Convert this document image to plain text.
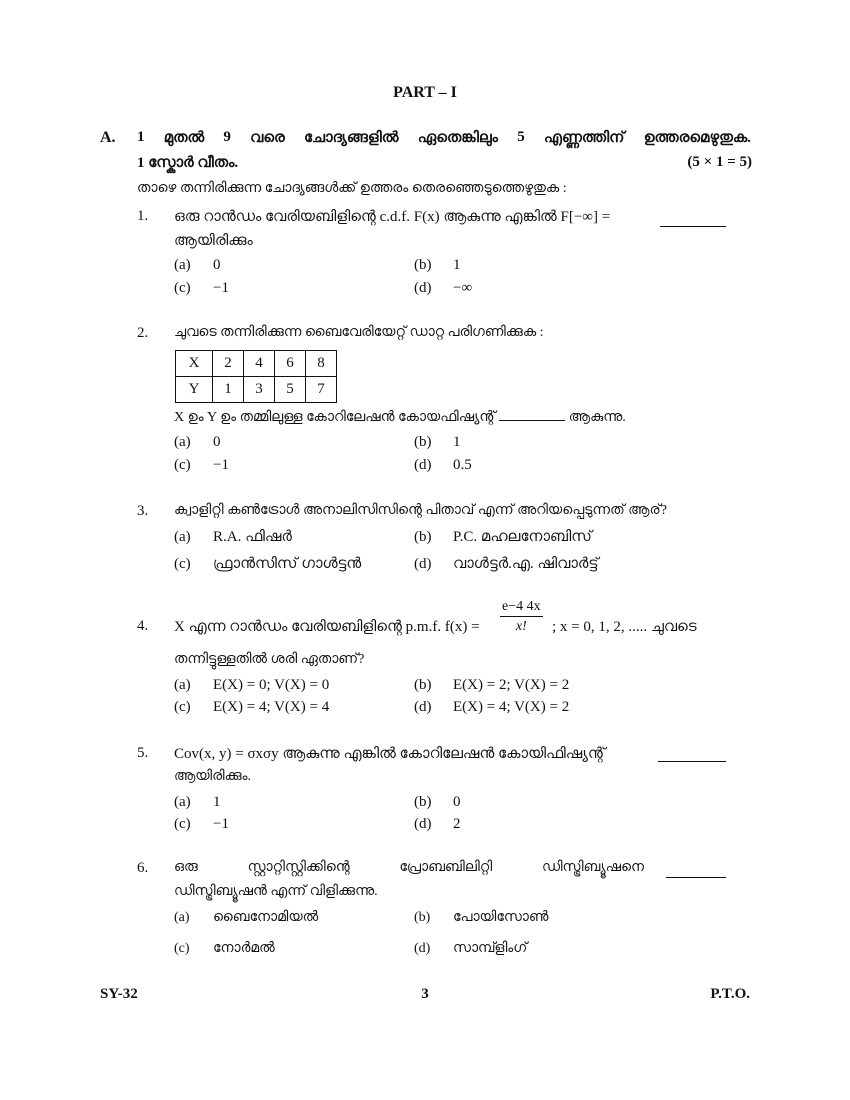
PART – I
A. 1 മുതൽ 9 വരെ ചോദ്യങ്ങളിൽ ഏതെങ്കിലും 5 എണ്ണത്തിന് ഉത്തരമെഴുതുക.
1 സ്കോർ വീതം.	(5 × 1 = 5)
താഴെ തന്നിരിക്കുന്ന ചോദ്യങ്ങൾക്ക് ഉത്തരം തെരഞ്ഞെടുത്തെഴുതുക :
1. ഒരു റാൻഡം വേരിയബിളിന്റെ c.d.f. F(x) ആകുന്നു എങ്കിൽ F[−∞] =
ആയിരിക്കും
(a) 0	(b) 1
(c) −1	(d) −∞
2. ചുവടെ തന്നിരിക്കുന്ന ബൈവേരിയേറ്റ് ഡാറ്റ പരിഗണിക്കുക :
X	2	4	6	8
Y	1	3	5	7
X ഉം Y ഉം തമ്മിലുള്ള കോറിലേഷൻ കോയഫിഷ്യന്റ്	ആകുന്നു.
(a) 0	(b) 1
(c) −1	(d) 0.5
3. ക്വാളിറ്റി കൺട്രോൾ അനാലിസിസിന്റെ പിതാവ് എന്ന് അറിയപ്പെടുന്നത് ആര്?
(a) R.A. ഫിഷർ	(b) P.C. മഹലനോബിസ്
(c) ഫ്രാൻസിസ് ഗാൾട്ടൻ	(d) വാൾട്ടർ.എ. ഷിവാർട്ട്
4. X എന്ന റാൻഡം വേരിയബിളിന്റെ p.m.f. $f(x) = \frac{e-4 4x}{x!}$ ; x = 0, 1, 2, ..... ചുവടെ
തന്നിട്ടുള്ളതിൽ ശരി ഏതാണ്?
(a) E(X) = 0; V(X) = 0	(b) E(X) = 2; V(X) = 2
(c) E(X) = 4; V(X) = 4	(d) E(X) = 4; V(X) = 2
5. Cov(x, y) = σxσy ആകുന്നു എങ്കിൽ കോറിലേഷൻ കോയിഫിഷ്യന്റ്
ആയിരിക്കും.
(a) 1	(b) 0
(c) −1	(d) 2
6. ഒരു	സ്റ്റാറ്റിസ്റ്റിക്കിന്റെ	പ്രോബബിലിറ്റി	ഡിസ്ട്രിബ്യൂഷനെ
ഡിസ്ട്രിബ്യൂഷൻ എന്ന് വിളിക്കുന്നു.
(a) ബൈനോമിയൽ	(b) പോയിസോൺ
(c) നോർമൽ	(d) സാമ്പ്ളിംഗ്
SY-32	3	P.T.O.
